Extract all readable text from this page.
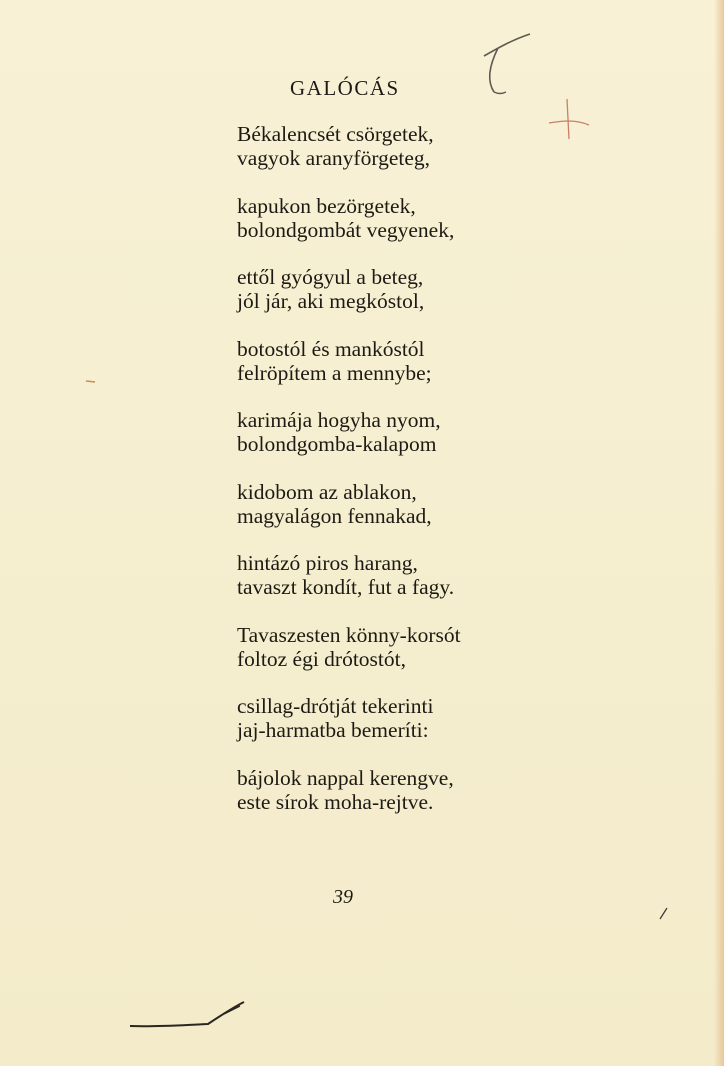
GALÓCÁS
Békalencsét csörgetek,
vagyok aranyförgeteg,
kapukon bezörgetek,
bolondgombát vegyenek,
ettől gyógyul a beteg,
jól jár, aki megkóstol,
botostól és mankóstól
felröpítem a mennybe;
karimája hogyha nyom,
bolondgomba-kalapom
kidobom az ablakon,
magyalágon fennakad,
hintázó piros harang,
tavaszt kondít, fut a fagy.
Tavaszesten könny-korsót
foltoz égi drótostót,
csillag-drótját tekerinti
jaj-harmatba bemeríti:
bájolok nappal kerengve,
este sírok moha-rejtve.
39
